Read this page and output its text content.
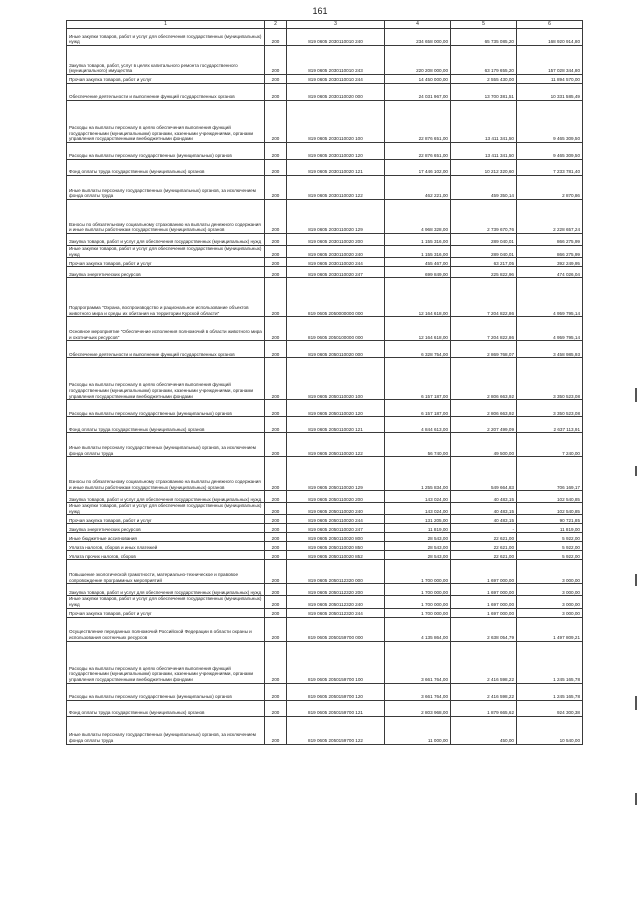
161
1	2	3	4	5	6
Иные закупки товаров, работ и услуг для обеспечения государственных (муниципальных) нужд	200	819 0605 2030110010 240	234 658 000,00	65 735 085,20	168 920 914,80
Закупка товаров, работ, услуг в целях капитального ремонта государственного (муниципального) имущества	200	819 0605 2030110010 243	220 208 000,00	63 179 655,20	157 028 344,80
Прочая закупка товаров, работ и услуг	200	819 0605 2030110010 244	14 450 000,00	2 555 430,00	11 894 570,00
Обеспечение деятельности и выполнение функций государственных органов	200	819 0605 2030110020 000	24 031 967,00	13 700 381,51	10 331 585,49
Расходы на выплаты персоналу в целях обеспечения выполнения функций государственными (муниципальными) органами, казенными учреждениями, органами управления государственными внебюджетными фондами	200	819 0605 2030110020 100	22 876 651,00	13 411 341,50	9 465 309,50
Расходы на выплаты персоналу государственных (муниципальных) органов	200	819 0605 2030110020 120	22 876 651,00	13 411 341,50	9 465 309,50
Фонд оплаты труда государственных (муниципальных) органов	200	819 0605 2030110020 121	17 446 102,00	10 212 320,60	7 233 781,40
Иные выплаты персоналу государственных (муниципальных) органов, за исключением фонда оплаты труда	200	819 0605 2030110020 122	462 221,00	459 350,14	2 870,86
Взносы по обязательному социальному страхованию на выплаты денежного содержания и иные выплаты работникам государственных (муниципальных) органов	200	819 0605 2030110020 129	4 968 328,00	2 739 670,76	2 228 657,24
Закупка товаров, работ и услуг для обеспечения государственных (муниципальных) нужд	200	819 0605 2030110020 200	1 155 316,00	289 040,01	866 275,99
Иные закупки товаров, работ и услуг для обеспечения государственных (муниципальных) нужд	200	819 0605 2030110020 240	1 155 316,00	289 040,01	866 275,99
Прочая закупка товаров, работ и услуг	200	819 0605 2030110020 244	455 467,00	63 217,05	392 249,95
Закупка энергетических ресурсов	200	819 0605 2030110020 247	699 849,00	225 822,96	474 026,04
Подпрограмма "Охрана, воспроизводство и рациональное использование объектов животного мира и среды их обитания на территории Курской области"	200	819 0605 2050000000 000	12 164 618,00	7 204 822,86	4 959 795,14
Основное мероприятие "Обеспечение исполнения полномочий в области животного мира и охотничьих ресурсов"	200	819 0605 2050100000 000	12 164 618,00	7 204 822,86	4 959 795,14
Обеспечение деятельности и выполнение функций государственных органов	200	819 0605 2050110020 000	6 328 754,00	2 869 768,07	3 458 985,93
Расходы на выплаты персоналу в целях обеспечения выполнения функций государственными (муниципальными) органами, казенными учреждениями, органами управления государственными внебюджетными фондами	200	819 0605 2050110020 100	6 157 187,00	2 806 663,92	3 350 523,08
Расходы на выплаты персоналу государственных (муниципальных) органов	200	819 0605 2050110020 120	6 157 187,00	2 806 663,92	3 350 523,08
Фонд оплаты труда государственных (муниципальных) органов	200	819 0605 2050110020 121	4 844 613,00	2 207 499,09	2 637 113,91
Иные выплаты персоналу государственных (муниципальных) органов, за исключением фонда оплаты труда	200	819 0605 2050110020 122	56 740,00	49 500,00	7 240,00
Взносы по обязательному социальному страхованию на выплаты денежного содержания и иные выплаты работникам государственных (муниципальных) органов	200	819 0605 2050110020 129	1 255 834,00	549 664,83	706 169,17
Закупка товаров, работ и услуг для обеспечения государственных (муниципальных) нужд	200	819 0605 2050110020 200	143 024,00	40 483,15	102 540,85
Иные закупки товаров, работ и услуг для обеспечения государственных (муниципальных) нужд	200	819 0605 2050110020 240	143 024,00	40 483,15	102 540,85
Прочая закупка товаров, работ и услуг	200	819 0605 2050110020 244	131 205,00	40 483,15	90 721,85
Закупка энергетических ресурсов	200	819 0605 2050110020 247	11 819,00	-	11 819,00
Иные бюджетные ассигнования	200	819 0605 2050110020 800	28 543,00	22 621,00	5 922,00
Уплата налогов, сборов и иных платежей	200	819 0605 2050110020 850	28 543,00	22 621,00	5 922,00
Уплата прочих налогов, сборов	200	819 0605 2050110020 852	28 543,00	22 621,00	5 922,00
Повышение экологической грамотности, материально-техническое и правовое сопровождение программных мероприятий	200	819 0605 2050112320 000	1 700 000,00	1 697 000,00	3 000,00
Закупка товаров, работ и услуг для обеспечения государственных (муниципальных) нужд	200	819 0605 2050112320 200	1 700 000,00	1 697 000,00	3 000,00
Иные закупки товаров, работ и услуг для обеспечения государственных (муниципальных) нужд	200	819 0605 2050112320 240	1 700 000,00	1 697 000,00	3 000,00
Прочая закупка товаров, работ и услуг	200	819 0605 2050112320 244	1 700 000,00	1 697 000,00	3 000,00
Осуществление переданных полномочий Российской Федерации в области охраны и использования охотничьих ресурсов	200	819 0605 2050159700 000	4 135 864,00	2 638 054,79	1 497 809,21
Расходы на выплаты персоналу в целях обеспечения выполнения функций государственными (муниципальными) органами, казенными учреждениями, органами управления государственными внебюджетными фондами	200	819 0605 2050159700 100	3 661 764,00	2 416 598,22	1 245 165,78
Расходы на выплаты персоналу государственных (муниципальных) органов	200	819 0605 2050159700 120	3 661 764,00	2 416 598,22	1 245 165,78
Фонд оплаты труда государственных (муниципальных) органов	200	819 0605 2050159700 121	2 803 968,00	1 879 665,62	924 300,38
Иные выплаты персоналу государственных (муниципальных) органов, за исключением фонда оплаты труда	200	819 0605 2050159700 122	11 000,00	450,00	10 540,00
